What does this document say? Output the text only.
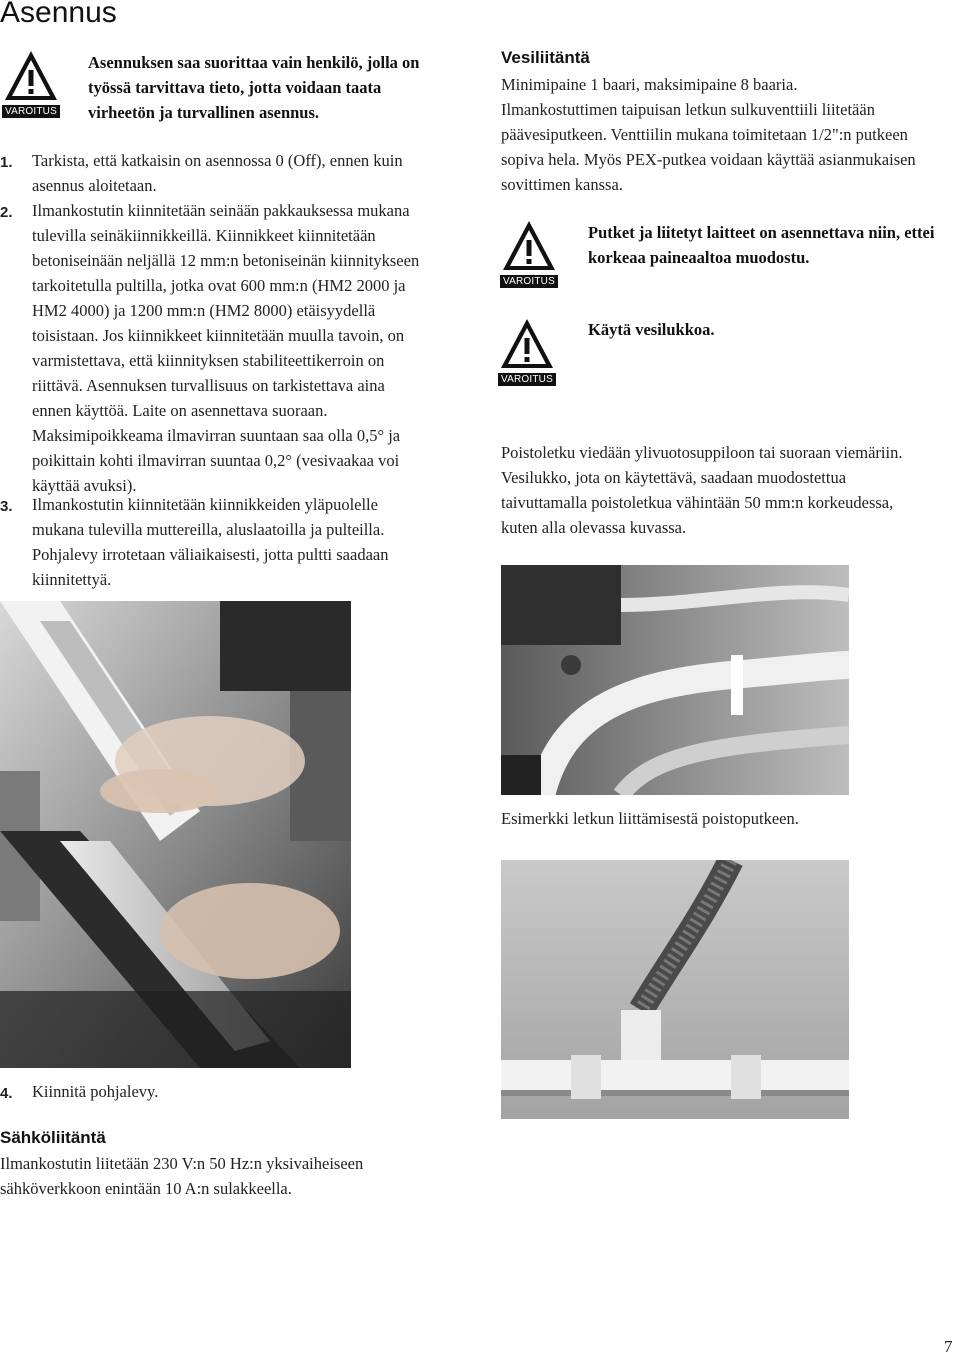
Asennus
VAROITUS
Asennuksen saa suorittaa vain henkilö, jolla on
työssä tarvittava tieto, jotta voidaan taata
virheetön ja turvallinen asennus.
1. Tarkista, että katkaisin on asennossa 0 (Off), ennen kuin
asennus aloitetaan.
2. Ilmankostutin kiinnitetään seinään pakkauksessa mukana
tulevilla seinäkiinnikkeillä. Kiinnikkeet kiinnitetään
betoniseinään neljällä 12 mm:n betoniseinän kiinnitykseen
tarkoitetulla pultilla, jotka ovat 600 mm:n (HM2 2000 ja
HM2 4000) ja 1200 mm:n (HM2 8000) etäisyydellä
toisistaan. Jos kiinnikkeet kiinnitetään muulla tavoin, on
varmistettava, että kiinnityksen stabiliteettikerroin on
riittävä. Asennuksen turvallisuus on tarkistettava aina
ennen käyttöä. Laite on asennettava suoraan.
Maksimipoikkeama ilmavirran suuntaan saa olla 0,5° ja
poikittain kohti ilmavirran suuntaa 0,2° (vesivaakaa voi
käyttää avuksi).
3. Ilmankostutin kiinnitetään kiinnikkeiden yläpuolelle
mukana tulevilla muttereilla, aluslaatoilla ja pulteilla.
Pohjalevy irrotetaan väliaikaisesti, jotta pultti saadaan
kiinnitettyä.
4. Kiinnitä pohjalevy.
Sähköliitäntä
Ilmankostutin liitetään 230 V:n 50 Hz:n yksivaiheiseen
sähköverkkoon enintään 10 A:n sulakkeella.
Vesiliitäntä
Minimipaine 1 baari, maksimipaine 8 baaria.
Ilmankostuttimen taipuisan letkun sulkuventtiili liitetään
päävesiputkeen. Venttiilin mukana toimitetaan 1/2":n putkeen
sopiva hela. Myös PEX-putkea voidaan käyttää asianmukaisen
sovittimen kanssa.
VAROITUS
Putket ja liitetyt laitteet on asennettava niin, ettei
korkeaa paineaaltoa muodostu.
VAROITUS
Käytä vesilukkoa.
Poistoletku viedään ylivuotosuppiloon tai suoraan viemäriin.
Vesilukko, jota on käytettävä, saadaan muodostettua
taivuttamalla poistoletkua vähintään 50 mm:n korkeudessa,
kuten alla olevassa kuvassa.
Esimerkki letkun liittämisestä poistoputkeen.
7
